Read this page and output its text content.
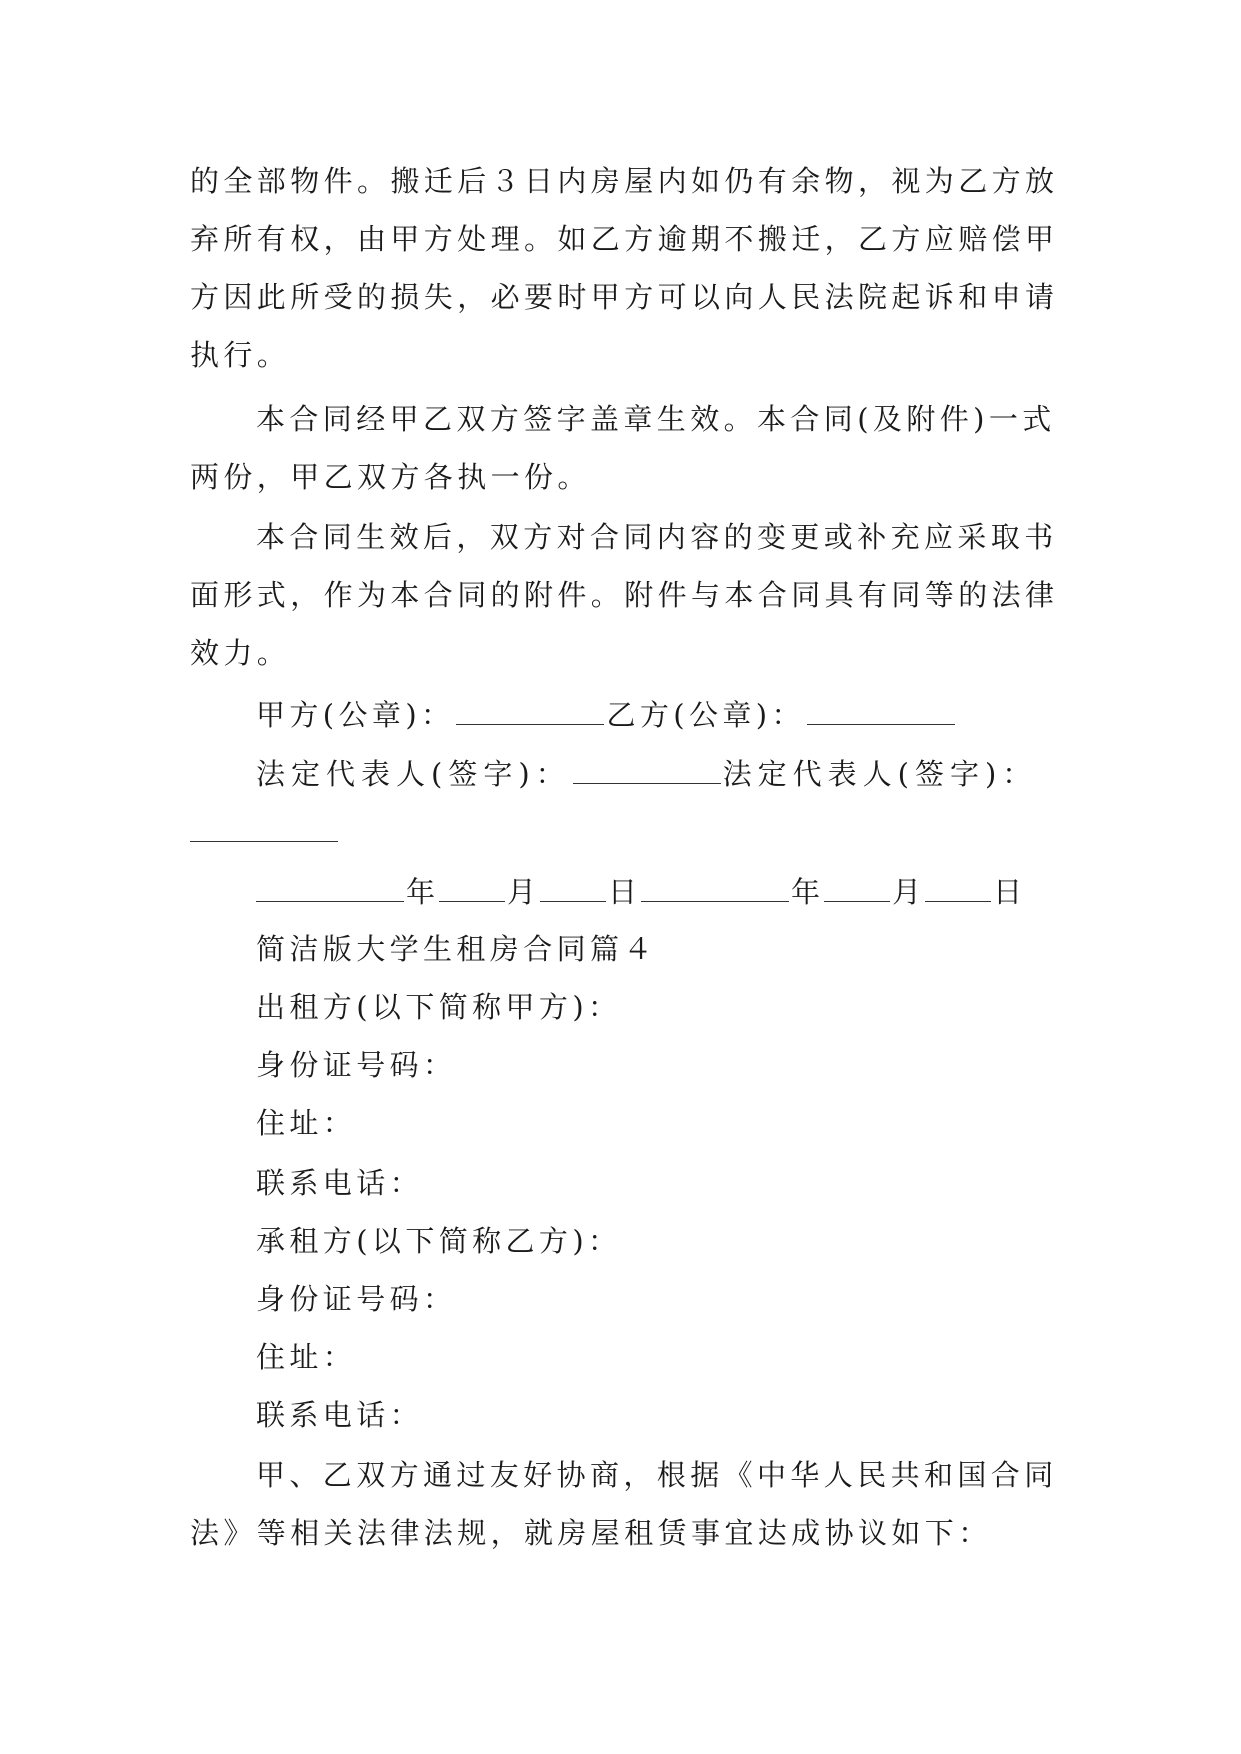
的全部物件。搬迁后３日内房屋内如仍有余物，视为乙方放
弃所有权，由甲方处理。如乙方逾期不搬迁，乙方应赔偿甲
方因此所受的损失，必要时甲方可以向人民法院起诉和申请
执行。
本合同经甲乙双方签字盖章生效。本合同(及附件)一式
两份，甲乙双方各执一份。
本合同生效后，双方对合同内容的变更或补充应采取书
面形式，作为本合同的附件。附件与本合同具有同等的法律
效力。
甲方(公章)：	乙方(公章)：
法定代表人(签字)：	法定代表人(签字)：
年 月 日	年 月 日
简洁版大学生租房合同篇４
出租方(以下简称甲方)：
身份证号码：
住址：
联系电话：
承租方(以下简称乙方)：
身份证号码：
住址：
联系电话：
甲、乙双方通过友好协商，根据《中华人民共和国合同
法》等相关法律法规，就房屋租赁事宜达成协议如下：
